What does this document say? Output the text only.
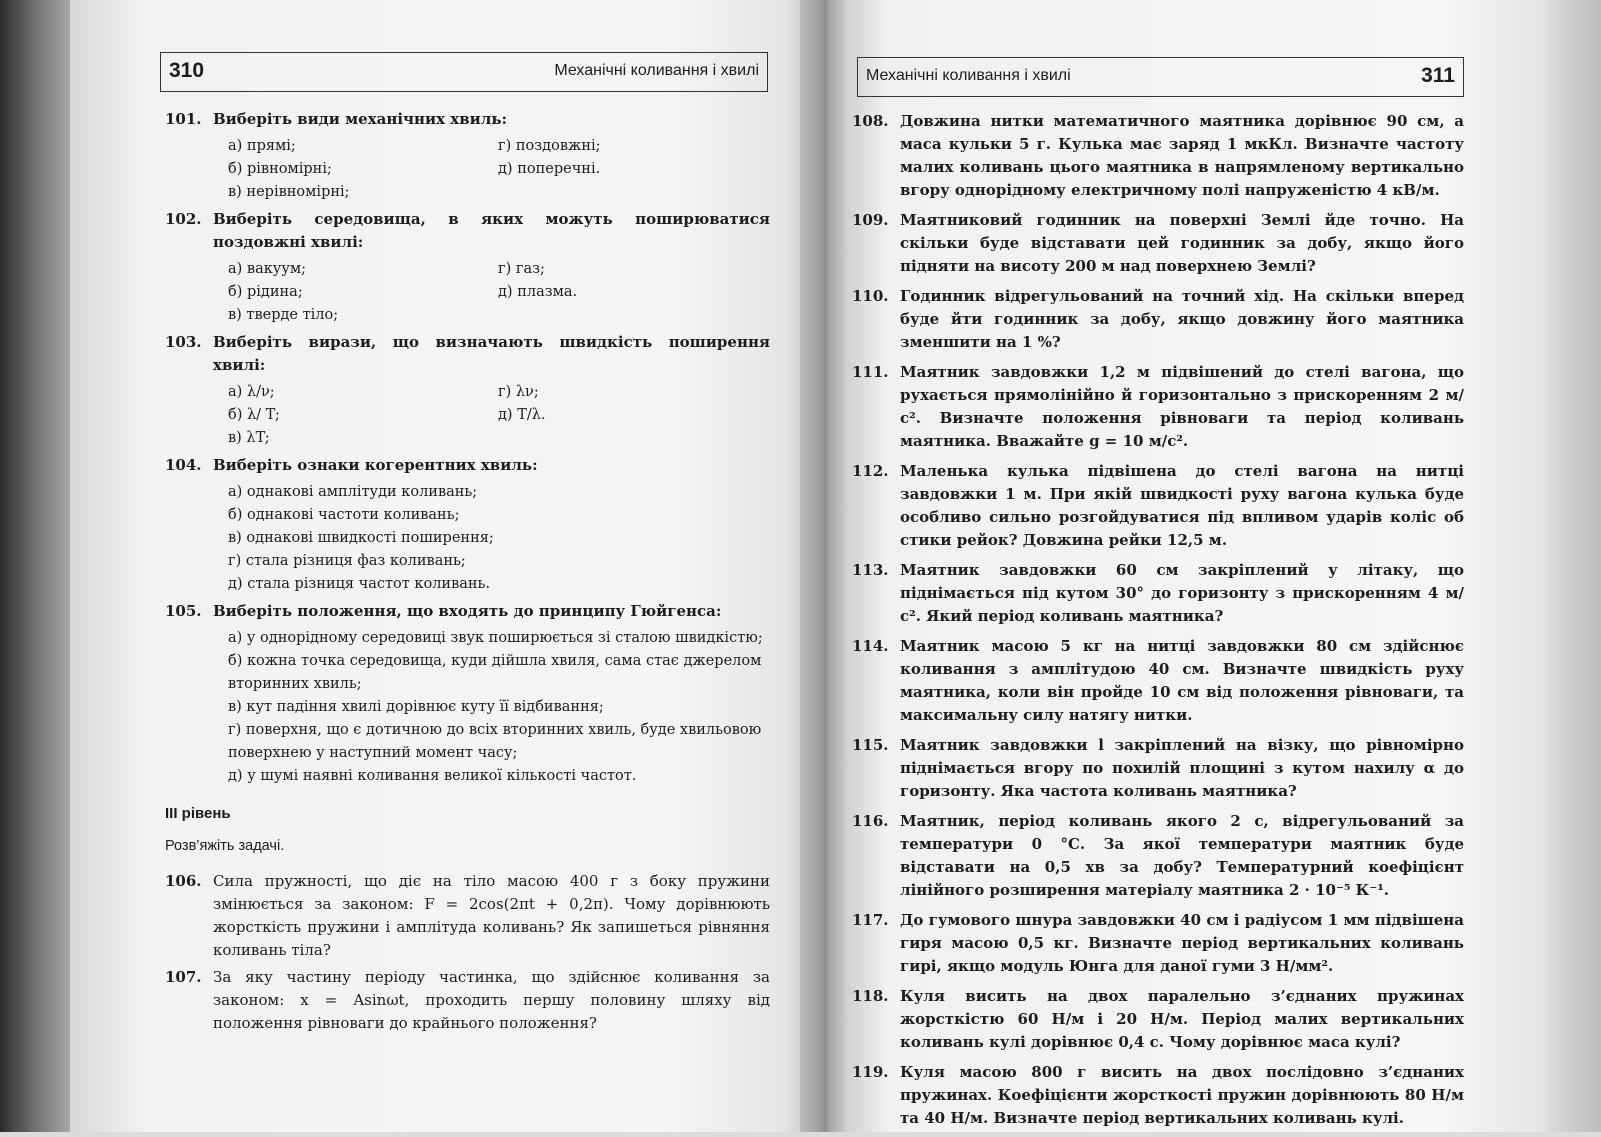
310	Механічні коливання і хвилі	Механічні коливання і хвилі	311
101. Виберіть види механічних хвиль:
а) прямі;	г) поздовжні;
б) рівномірні;	д) поперечні.
в) нерівномірні;
102. Виберіть середовища, в яких можуть поширюватися поздовжні хвилі:
а) вакуум;	г) газ;
б) рідина;	д) плазма.
в) тверде тіло;
103. Виберіть вирази, що визначають швидкість поширення хвилі:
а) λ/ν;	г) λν;
б) λ/ T;	д) T/λ.
в) λT;
104. Виберіть ознаки когерентних хвиль:
а) однакові амплітуди коливань;
б) однакові частоти коливань;
в) однакові швидкості поширення;
г) стала різниця фаз коливань;
д) стала різниця частот коливань.
105. Виберіть положення, що входять до принципу Гюйгенса:
а) у однорідному середовиці звук поширюється зі сталою швидкістю;
б) кожна точка середовища, куди дійшла хвиля, сама стає джерелом вторинних хвиль;
в) кут падіння хвилі дорівнює куту її відбивання;
г) поверхня, що є дотичною до всіх вторинних хвиль, буде хвильовою поверхнею у наступний момент часу;
д) у шумі наявні коливання великої кількості частот.
III рівень
Розв’яжіть задачі.
106. Сила пружності, що діє на тіло масою 400 г з боку пружини змінюється за законом: F = 2cos(2πt + 0,2π). Чому дорівнюють жорсткість пружини і амплітуда коливань? Як запишеться рівняння коливань тіла?
107. За яку частину періоду частинка, що здійснює коливання за законом: x = Asinωt, проходить першу половину шляху від положення рівноваги до крайнього положення?
108. Довжина нитки математичного маятника дорівнює 90 см, а маса кульки 5 г. Кулька має заряд 1 мкКл. Визначте частоту малих коливань цього маятника в напрямленому вертикально вгору однорідному електричному полі напруженістю 4 кВ/м.
109. Маятниковий годинник на поверхні Землі йде точно. На скільки буде відставати цей годинник за добу, якщо його підняти на висоту 200 м над поверхнею Землі?
110. Годинник відрегульований на точний хід. На скільки вперед буде йти годинник за добу, якщо довжину його маятника зменшити на 1 %?
111. Маятник завдовжки 1,2 м підвішений до стелі вагона, що рухається прямолінійно й горизонтально з прискоренням 2 м/с². Визначте положення рівноваги та період коливань маятника. Вважайте g = 10 м/с².
112. Маленька кулька підвішена до стелі вагона на нитці завдовжки 1 м. При якій швидкості руху вагона кулька буде особливо сильно розгойдуватися під впливом ударів коліс об стики рейок? Довжина рейки 12,5 м.
113. Маятник завдовжки 60 см закріплений у літаку, що піднімається під кутом 30° до горизонту з прискоренням 4 м/с². Який період коливань маятника?
114. Маятник масою 5 кг на нитці завдовжки 80 см здійснює коливання з амплітудою 40 см. Визначте швидкість руху маятника, коли він пройде 10 см від положення рівноваги, та максимальну силу натягу нитки.
115. Маятник завдовжки l закріплений на візку, що рівномірно піднімається вгору по похилій площині з кутом нахилу α до горизонту. Яка частота коливань маятника?
116. Маятник, період коливань якого 2 с, відрегульований за температури 0 °С. За якої температури маятник буде відставати на 0,5 хв за добу? Температурний коефіцієнт лінійного розширення матеріалу маятника 2 · 10⁻⁵ К⁻¹.
117. До гумового шнура завдовжки 40 см і радіусом 1 мм підвішена гиря масою 0,5 кг. Визначте період вертикальних коливань гирі, якщо модуль Юнга для даної гуми 3 Н/мм².
118. Куля висить на двох паралельно з’єднаних пружинах жорсткістю 60 Н/м і 20 Н/м. Період малих вертикальних коливань кулі дорівнює 0,4 с. Чому дорівнює маса кулі?
119. Куля масою 800 г висить на двох послідовно з’єднаних пружинах. Коефіцієнти жорсткості пружин дорівнюють 80 Н/м та 40 Н/м. Визначте період вертикальних коливань кулі.
